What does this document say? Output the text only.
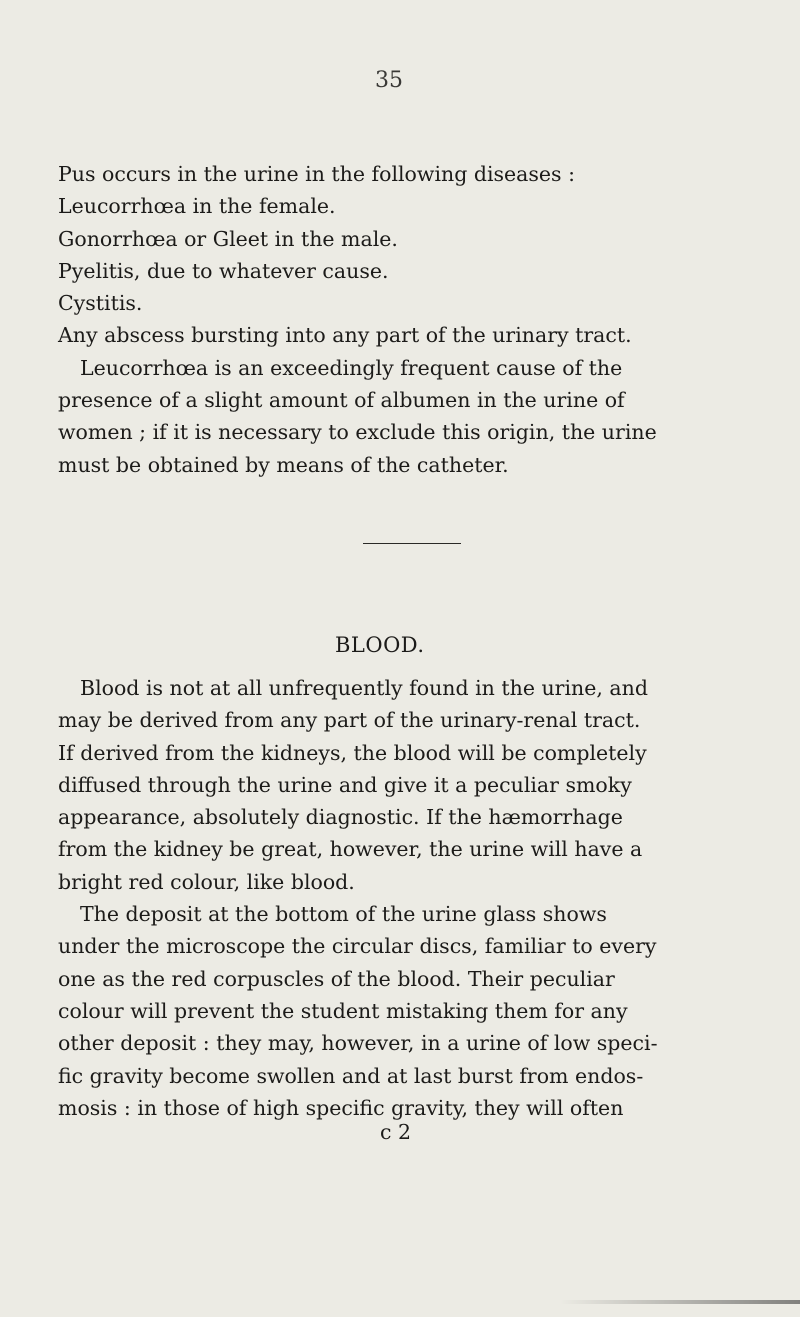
35
Pus occurs in the urine in the following diseases :
Leucorrhœa in the female.
Gonorrhœa or Gleet in the male.
Pyelitis, due to whatever cause.
Cystitis.
Any abscess bursting into any part of the urinary tract.
Leucorrhœa is an exceedingly frequent cause of the
presence of a slight amount of albumen in the urine of
women ; if it is necessary to exclude this origin, the urine
must be obtained by means of the catheter.
BLOOD.
Blood is not at all unfrequently found in the urine, and
may be derived from any part of the urinary-renal tract.
If derived from the kidneys, the blood will be completely
diffused through the urine and give it a peculiar smoky
appearance, absolutely diagnostic. If the hæmorrhage
from the kidney be great, however, the urine will have a
bright red colour, like blood.
The deposit at the bottom of the urine glass shows
under the microscope the circular discs, familiar to every
one as the red corpuscles of the blood. Their peculiar
colour will prevent the student mistaking them for any
other deposit : they may, however, in a urine of low speci-
fic gravity become swollen and at last burst from endos-
mosis : in those of high specific gravity, they will often
c 2
